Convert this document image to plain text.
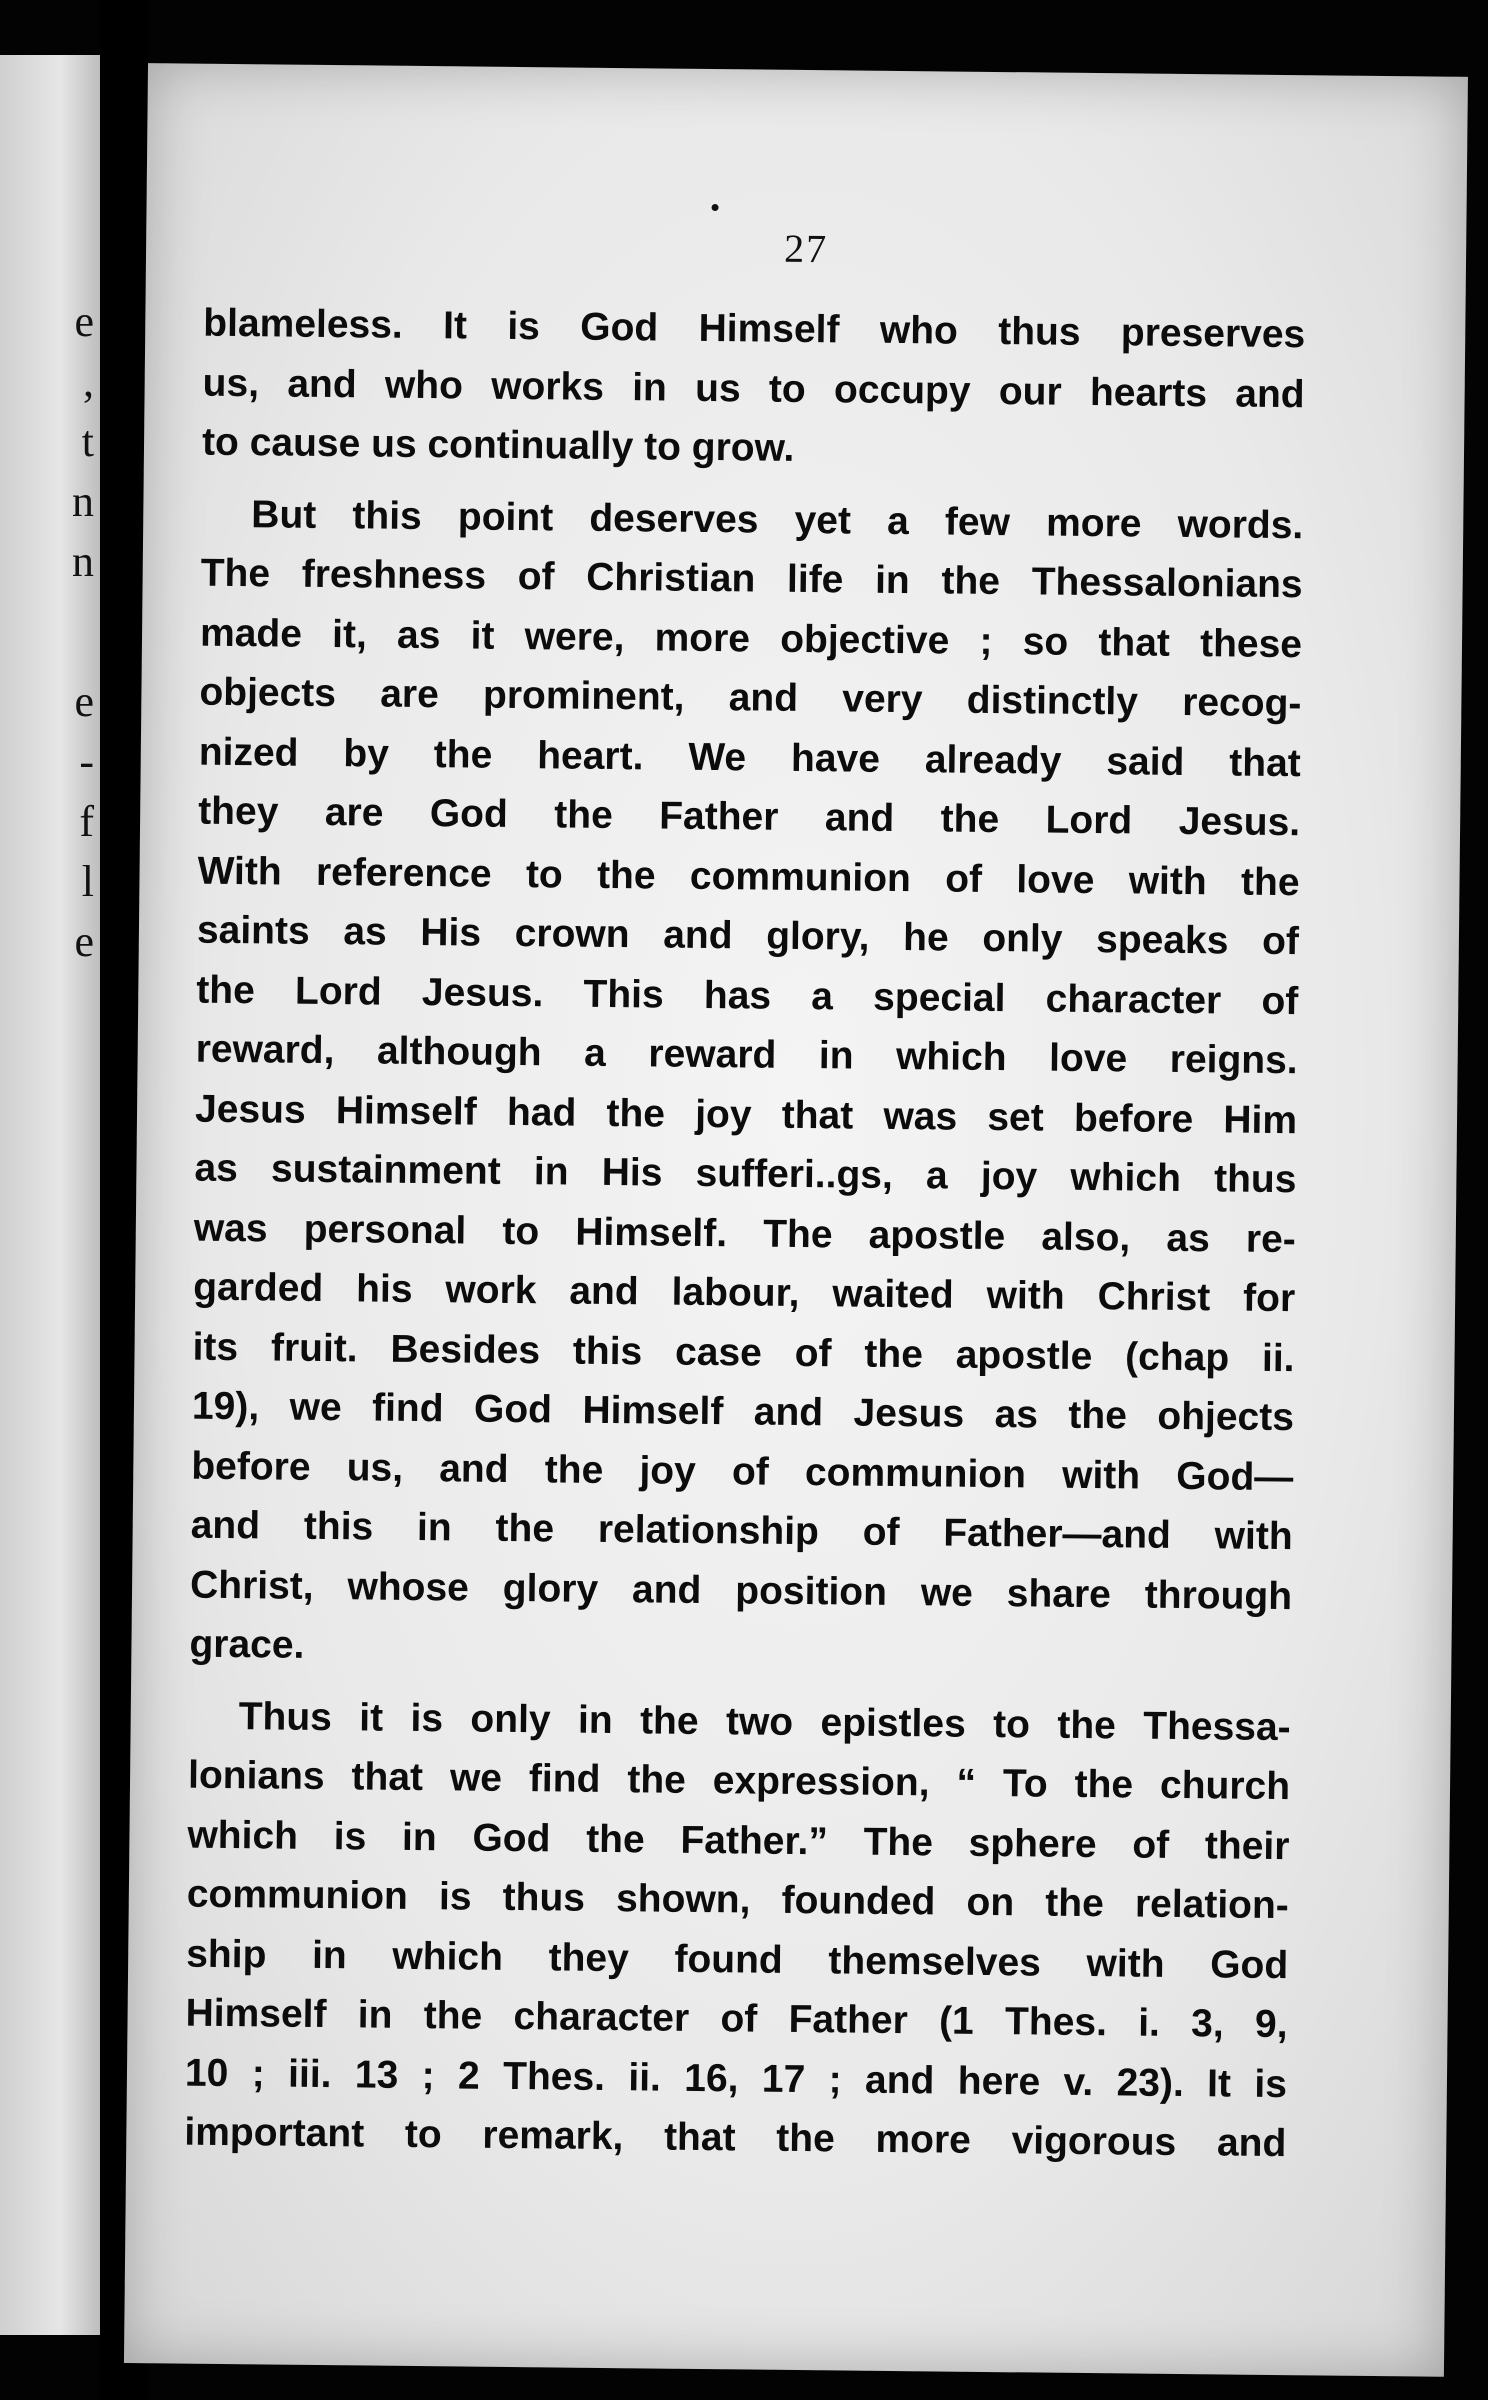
e
,
t
n
n
e
-
f
l
e
27
blameless. It is God Himself who thus preserves
us, and who works in us to occupy our hearts and
to cause us continually to grow.
But this point deserves yet a few more words.
The freshness of Christian life in the Thessalonians
made it, as it were, more objective ; so that these
objects are prominent, and very distinctly recog-
nized by the heart. We have already said that
they are God the Father and the Lord Jesus.
With reference to the communion of love with the
saints as His crown and glory, he only speaks of
the Lord Jesus. This has a special character of
reward, although a reward in which love reigns.
Jesus Himself had the joy that was set before Him
as sustainment in His sufferi..gs, a joy which thus
was personal to Himself. The apostle also, as re-
garded his work and labour, waited with Christ for
its fruit. Besides this case of the apostle (chap ii.
19), we find God Himself and Jesus as the ohjects
before us, and the joy of communion with God—
and this in the relationship of Father—and with
Christ, whose glory and position we share through
grace.
Thus it is only in the two epistles to the Thessa-
lonians that we find the expression, “ To the church
which is in God the Father.” The sphere of their
communion is thus shown, founded on the relation-
ship in which they found themselves with God
Himself in the character of Father (1 Thes. i. 3, 9,
10 ; iii. 13 ; 2 Thes. ii. 16, 17 ; and here v. 23). It is
important to remark, that the more vigorous and
